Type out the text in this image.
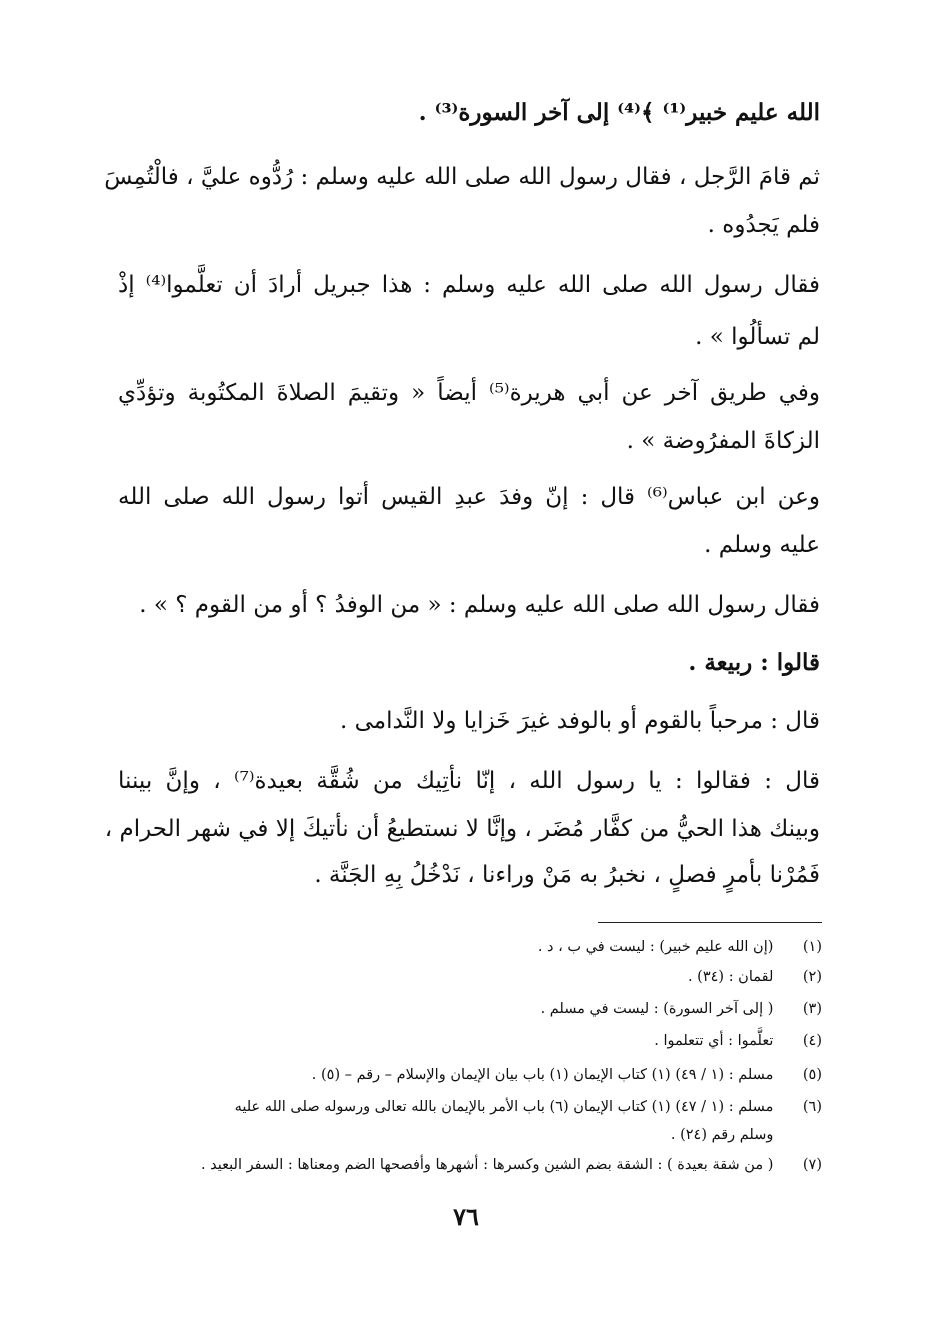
الله عليم خبير⁽¹⁾ ﴾⁽⁴⁾ إلى آخر السورة⁽³⁾ .
ثم قامَ الرَّجل ، فقال رسول الله صلى الله عليه وسلم : رُدُّوه عليَّ ، فالْتُمِسَ
فلم يَجدُوه .
فقال رسول الله صلى الله عليه وسلم : هذا جبريل أرادَ أن تعلَّموا⁽⁴⁾ إذْ
لم تسألُوا » .
وفي طريق آخر عن أبي هريرة⁽⁵⁾ أيضاً « وتقيمَ الصلاةَ المكتُوبة وتؤدِّي
الزكاةَ المفرُوضة » .
وعن ابن عباس⁽⁶⁾ قال : إنّ وفدَ عبدِ القيس أتوا رسول الله صلى الله
عليه وسلم .
فقال رسول الله صلى الله عليه وسلم : « من الوفدُ ؟ أو من القوم ؟ » .
قالوا : ربيعة .
قال : مرحباً بالقوم أو بالوفد غيرَ خَزايا ولا النَّدامى .
قال : فقالوا : يا رسول الله ، إنّا نأتِيك من شُقَّة بعيدة⁽⁷⁾ ، وإنَّ بيننا
وبينك هذا الحيُّ من كفَّار مُضَر ، وإنَّا لا نستطيعُ أن نأتيكَ إلا في شهر الحرام ،
فَمُرْنا بأمرٍ فصلٍ ، نخبرُ به مَنْ وراءنا ، نَدْخُلُ بِهِ الجَنَّة .
(١) (إن الله عليم خبير) : ليست في ب ، د .
(٢) لقمان : (٣٤) .
(٣) ( إلى آخر السورة) : ليست في مسلم .
(٤) تعلَّموا : أي تتعلموا .
(٥) مسلم : (١ / ٤٩) (١) كتاب الإيمان (١) باب بيان الإيمان والإسلام – رقم – (٥) .
(٦) مسلم : (١ / ٤٧) (١) كتاب الإيمان (٦) باب الأمر بالإيمان بالله تعالى ورسوله صلى الله عليه
وسلم رقم (٢٤) .
(٧) ( من شقة بعيدة ) : الشقة بضم الشين وكسرها : أشهرها وأفصحها الضم ومعناها : السفر البعيد .
٧٦
